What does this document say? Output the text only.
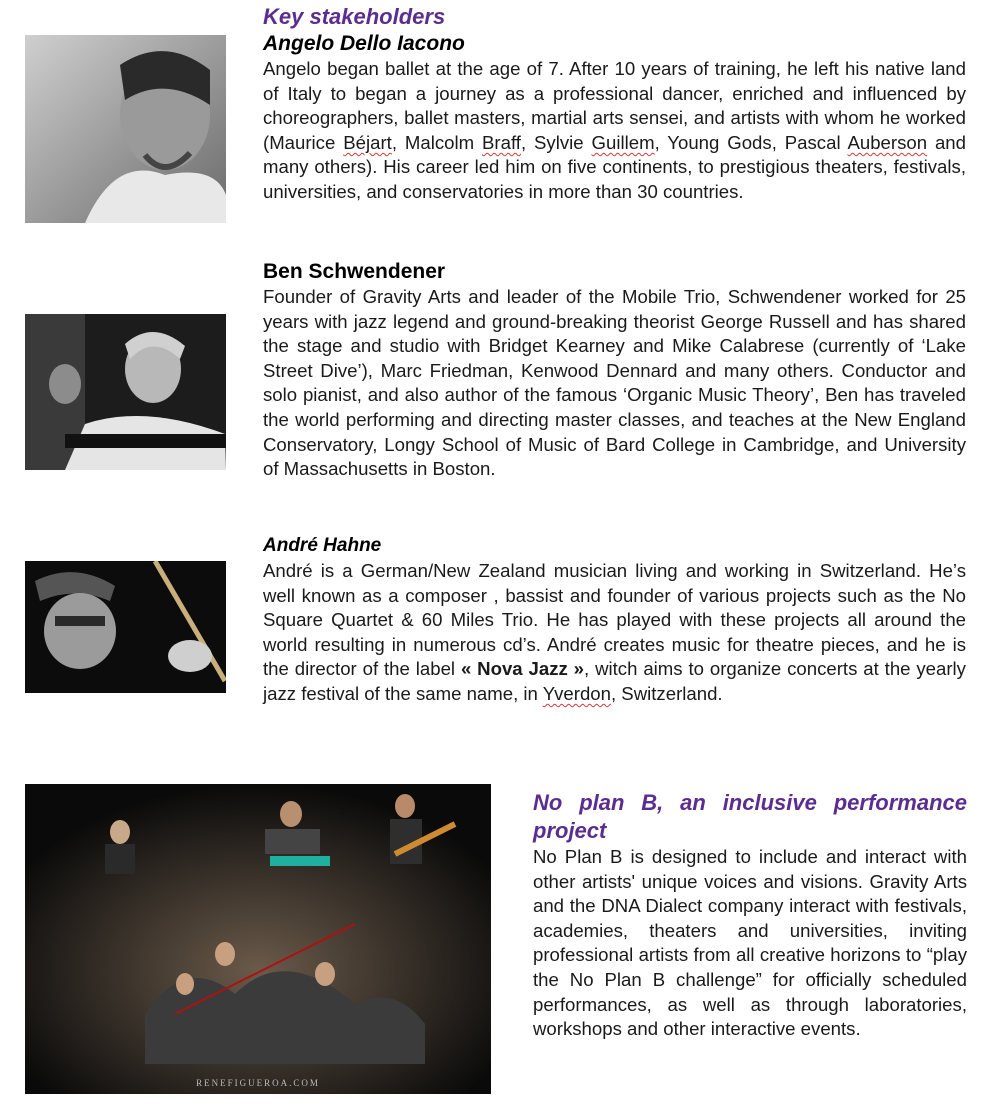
Key stakeholders

Angelo Dello Iacono

Angelo began ballet at the age of 7. After 10 years of training, he left his native land of Italy to began a journey as a professional dancer, enriched and influenced by choreographers, ballet masters, martial arts sensei, and artists with whom he worked (Maurice Béjart, Malcolm Braff, Sylvie Guillem, Young Gods, Pascal Auberson and many others). His career led him on five continents, to prestigious theaters, festivals, universities, and conservatories in more than 30 countries.

Ben Schwendener

Founder of Gravity Arts and leader of the Mobile Trio, Schwendener worked for 25 years with jazz legend and ground-breaking theorist George Russell and has shared the stage and studio with Bridget Kearney and Mike Calabrese (currently of ‘Lake Street Dive’), Marc Friedman, Kenwood Dennard and many others. Conductor and solo pianist, and also author of the famous ‘Organic Music Theory’, Ben has traveled the world performing and directing master classes, and teaches at the New England Conservatory, Longy School of Music of Bard College in Cambridge, and University of Massachusetts in Boston.

André Hahne

André is a German/New Zealand musician living and working in Switzerland. He’s well known as a composer , bassist and founder of various projects such as the No Square Quartet & 60 Miles Trio. He has played with these projects all around the world resulting in numerous cd’s. André creates music for theatre pieces, and he is the director of the label « Nova Jazz », witch aims to organize concerts at the yearly jazz festival of the same name, in Yverdon, Switzerland.

RENEFIGUEROA.COM

No plan B, an inclusive performance project

No Plan B is designed to include and interact with other artists' unique voices and visions. Gravity Arts and the DNA Dialect company interact with festivals, academies, theaters and universities, inviting professional artists from all creative horizons to “play the No Plan B challenge” for officially scheduled performances, as well as through laboratories, workshops and other interactive events.
